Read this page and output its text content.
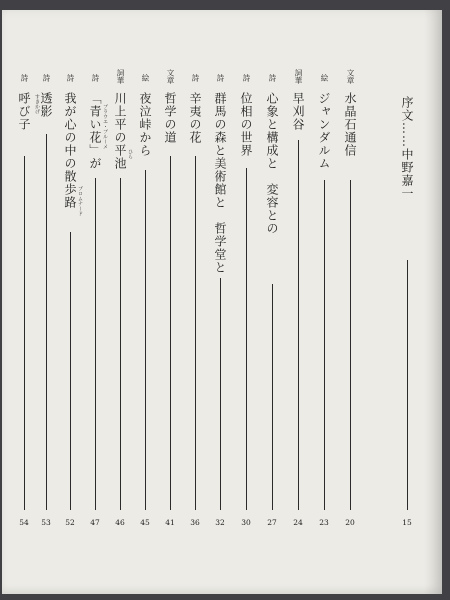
序文……中野嘉一
15
文章
水晶石通信
20
絵
ジャンダルム
23
詞華
早刈谷
24
詩
心象と構成と　変容との
27
詩
位相の世界
30
詩
群馬の森と美術館と　哲学堂と
32
詩
辛夷の花
36
文章
哲学の道
41
絵
夜泣峠から
45
詞華
川上平の平池 ひら
46
詩
「青い花」が ブラウエ・ブルーメ
47
詩
我が心の中の散歩路 プロムナード
52
詩
透影
すきかげ
53
詩
呼び子
54
